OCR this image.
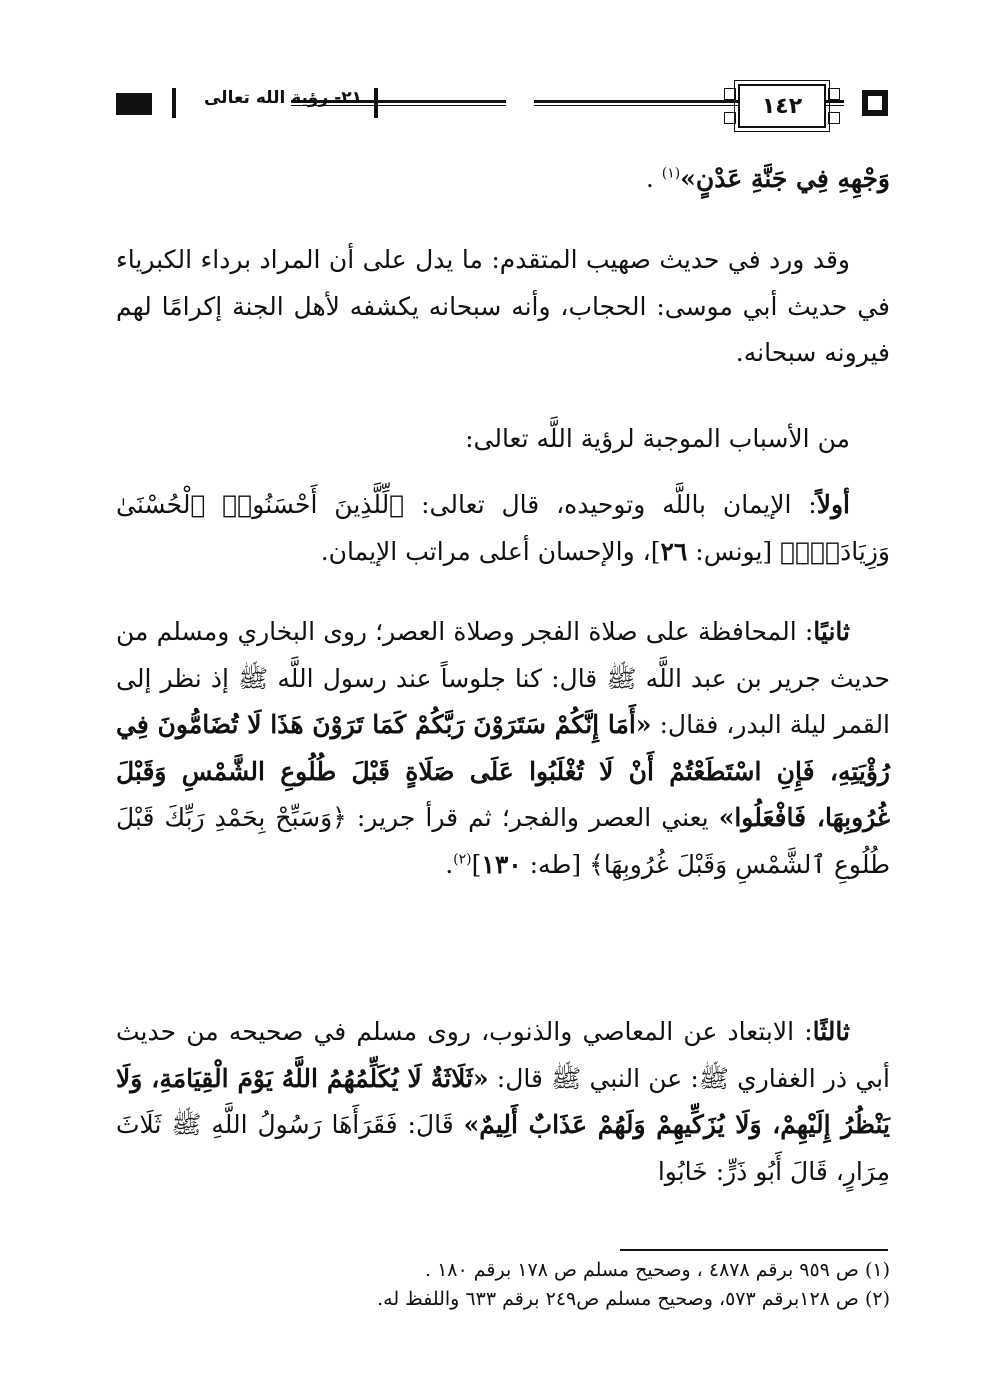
٢١- رؤية الله تعالى	١٤٢

وَجْهِهِ فِي جَنَّةِ عَدْنٍ»$^{(١)}$ .

وقد ورد في حديث صهيب المتقدم: ما يدل على أن المراد برداء الكبرياء في حديث أبي موسى: الحجاب، وأنه سبحانه يكشفه لأهل الجنة إكرامًا لهم فيرونه سبحانه.

من الأسباب الموجبة لرؤية اللَّه تعالى:

أولاً: الإيمان باللَّه وتوحيده، قال تعالى: ﴿لِّلَّذِينَ أَحْسَنُوا۟ ٱلْحُسْنَىٰ وَزِيَادَةٌۖ﴾ [يونس: ٢٦]، والإحسان أعلى مراتب الإيمان.

ثانيًا: المحافظة على صلاة الفجر وصلاة العصر؛ روى البخاري ومسلم من حديث جرير بن عبد اللَّه ﷺ قال: كنا جلوساً عند رسول اللَّه ﷺ إذ نظر إلى القمر ليلة البدر، فقال: «أَمَا إِنَّكُمْ سَتَرَوْنَ رَبَّكُمْ كَمَا تَرَوْنَ هَذَا لَا تُضَامُّونَ فِي رُؤْيَتِهِ، فَإِنِ اسْتَطَعْتُمْ أَنْ لَا تُغْلَبُوا عَلَى صَلَاةٍ قَبْلَ طُلُوعِ الشَّمْسِ وَقَبْلَ غُرُوبِهَا، فَافْعَلُوا» يعني العصر والفجر؛ ثم قرأ جرير: ﴿وَسَبِّحْ بِحَمْدِ رَبِّكَ قَبْلَ طُلُوعِ ٱلشَّمْسِ وَقَبْلَ غُرُوبِهَا﴾ [طه: ١٣٠]$^{(٢)}$.

ثالثًا: الابتعاد عن المعاصي والذنوب، روى مسلم في صحيحه من حديث أبي ذر الغفاري ﷺ: عن النبي ﷺ قال: «ثَلَاثَةٌ لَا يُكَلِّمُهُمُ اللَّهُ يَوْمَ الْقِيَامَةِ، وَلَا يَنْظُرُ إِلَيْهِمْ، وَلَا يُزَكِّيهِمْ وَلَهُمْ عَذَابٌ أَلِيمٌ» قَالَ: فَقَرَأَهَا رَسُولُ اللَّهِ ﷺ ثَلَاثَ مِرَارٍ، قَالَ أَبُو ذَرٍّ: خَابُوا

(١) ص ٩٥٩ برقم ٤٨٧٨ ، وصحيح مسلم ص ١٧٨ برقم ١٨٠ .

(٢) ص ١٢٨برقم ٥٧٣، وصحيح مسلم ص٢٤٩ برقم ٦٣٣ واللفظ له.
